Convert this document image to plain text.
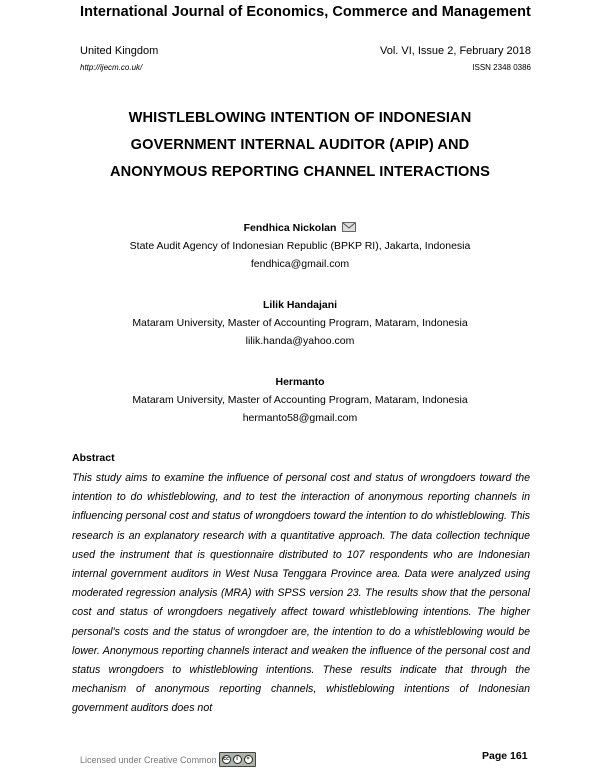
International Journal of Economics, Commerce and Management
United Kingdom	Vol. VI, Issue 2, February 2018
http://ijecm.co.uk/	ISSN 2348 0386
WHISTLEBLOWING INTENTION OF INDONESIAN
GOVERNMENT INTERNAL AUDITOR (APIP) AND
ANONYMOUS REPORTING CHANNEL INTERACTIONS
Fendhica Nickolan
State Audit Agency of Indonesian Republic (BPKP RI), Jakarta, Indonesia
fendhica@gmail.com
Lilik Handajani
Mataram University, Master of Accounting Program, Mataram, Indonesia
lilik.handa@yahoo.com
Hermanto
Mataram University, Master of Accounting Program, Mataram, Indonesia
hermanto58@gmail.com
Abstract
This study aims to examine the influence of personal cost and status of wrongdoers toward the intention to do whistleblowing, and to test the interaction of anonymous reporting channels in influencing personal cost and status of wrongdoers toward the intention to do whistleblowing. This research is an explanatory research with a quantitative approach. The data collection technique used the instrument that is questionnaire distributed to 107 respondents who are Indonesian internal government auditors in West Nusa Tenggara Province area. Data were analyzed using moderated regression analysis (MRA) with SPSS version 23. The results show that the personal cost and status of wrongdoers negatively affect toward whistleblowing intentions. The higher personal's costs and the status of wrongdoer are, the intention to do a whistleblowing would be lower. Anonymous reporting channels interact and weaken the influence of the personal cost and status wrongdoers to whistleblowing intentions. These results indicate that through the mechanism of anonymous reporting channels, whistleblowing intentions of Indonesian government auditors does not
Licensed under Creative Common	cc	i	=	Page 161
